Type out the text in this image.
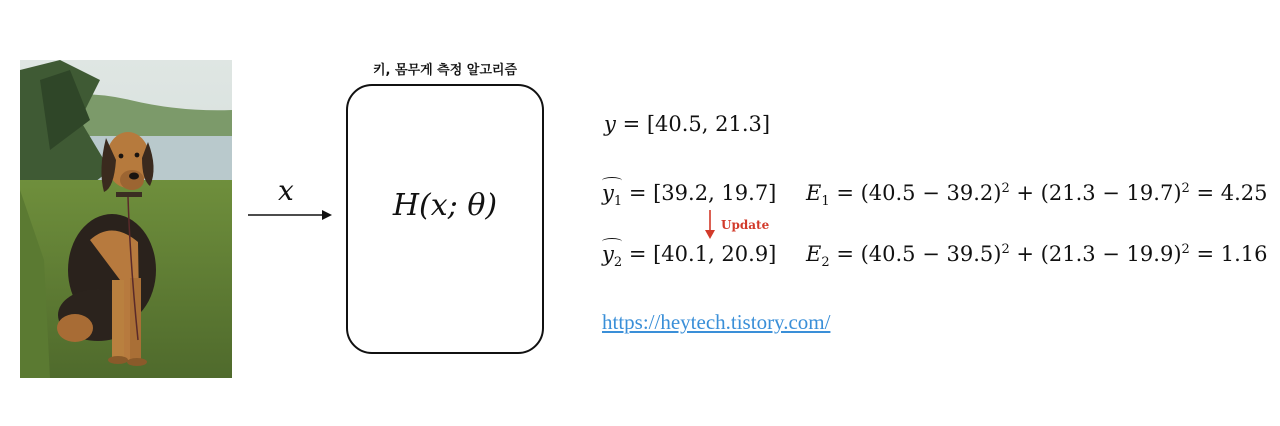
x
키, 몸무게 측정 알고리즘
H(x; θ)
y = [40.5, 21.3]
$y_1 = [39.2$, 19.7]
Update
$y_2 = [40.1$, 20.9]
$E_1 = (40.5 - 39.2)^2 + (21.3 - 19.7)^2 = 4.25$
$E_2 = (40.5 - 39.5)^2 + (21.3 - 19.9)^2 = 1.16$
https://heytech.tistory.com/
